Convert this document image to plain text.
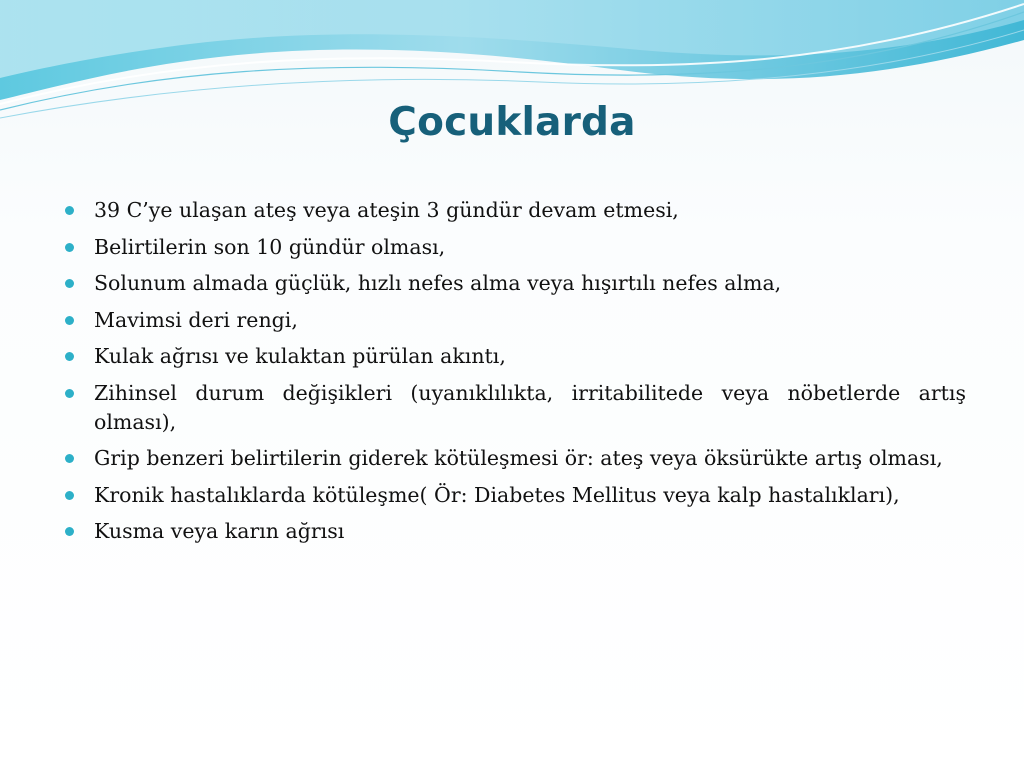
Çocuklarda
39 C’ye ulaşan ateş veya ateşin 3 gündür devam etmesi,
Belirtilerin son 10 gündür olması,
Solunum almada güçlük, hızlı nefes alma veya hışırtılı nefes alma,
Mavimsi deri rengi,
Kulak ağrısı ve kulaktan pürülan akıntı,
Zihinsel durum değişikleri (uyanıklılıkta, irritabilitede veya nöbetlerde artış olması),
Grip benzeri belirtilerin giderek kötüleşmesi ör: ateş veya öksürükte artış olması,
Kronik hastalıklarda kötüleşme( Ör: Diabetes Mellitus veya kalp hastalıkları),
Kusma veya karın ağrısı
